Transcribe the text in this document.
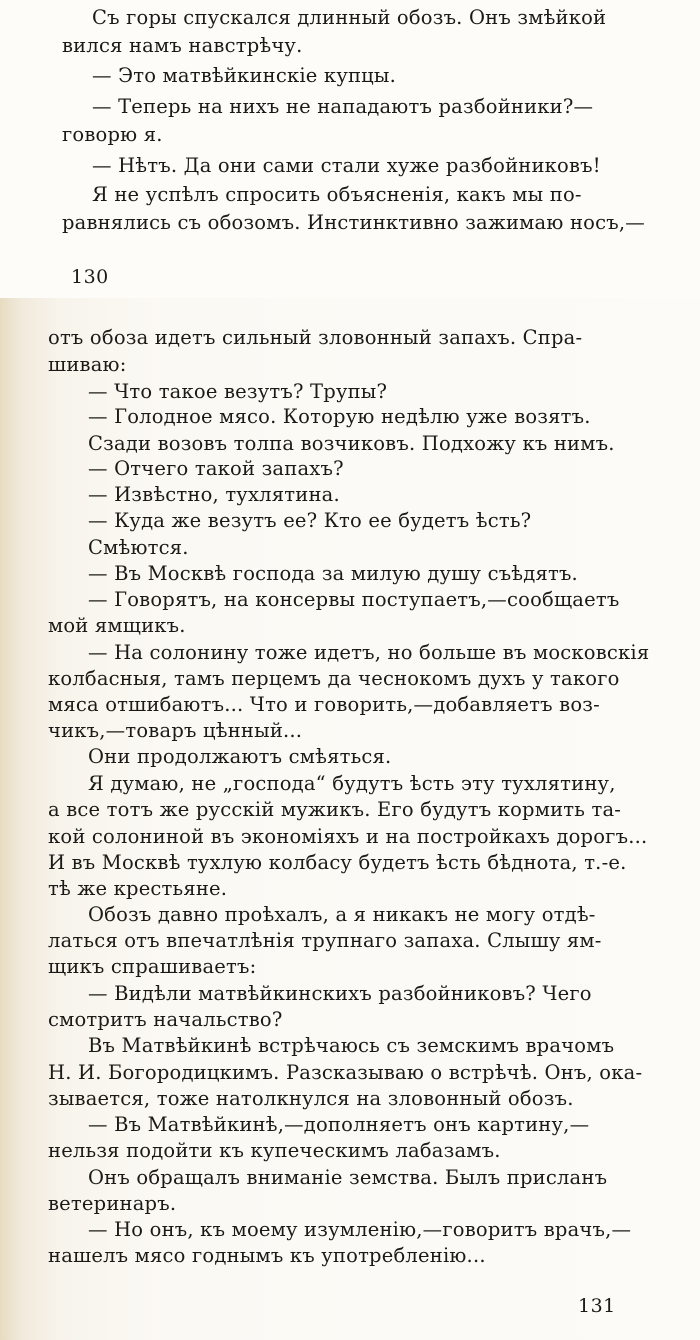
Съ горы спускался длинный обозъ. Онъ змѣйкой
вился намъ навстрѣчу.
— Это матвѣйкинскіе купцы.
— Теперь на нихъ не нападаютъ разбойники?—
говорю я.
— Нѣтъ. Да они сами стали хуже разбойниковъ!
Я не успѣлъ спросить объясненія, какъ мы по-
равнялись съ обозомъ. Инстинктивно зажимаю носъ,—
130
отъ обоза идетъ сильный зловонный запахъ. Спра-
шиваю:
— Что такое везутъ? Трупы?
— Голодное мясо. Которую недѣлю уже возятъ.
Сзади возовъ толпа возчиковъ. Подхожу къ нимъ.
— Отчего такой запахъ?
— Извѣстно, тухлятина.
— Куда же везутъ ее? Кто ее будетъ ѣсть?
Смѣются.
— Въ Москвѣ господа за милую душу съѣдятъ.
— Говорятъ, на консервы поступаетъ,—сообщаетъ
мой ямщикъ.
— На солонину тоже идетъ, но больше въ московскія
колбасныя, тамъ перцемъ да чеснокомъ духъ у такого
мяса отшибаютъ... Что и говорить,—добавляетъ воз-
чикъ,—товаръ цѣнный...
Они продолжаютъ смѣяться.
Я думаю, не „господа“ будутъ ѣсть эту тухлятину,
а все тотъ же русскій мужикъ. Его будутъ кормить та-
кой солониной въ экономіяхъ и на постройкахъ дорогъ...
И въ Москвѣ тухлую колбасу будетъ ѣсть бѣднота, т.-е.
тѣ же крестьяне.
Обозъ давно проѣхалъ, а я никакъ не могу отдѣ-
латься отъ впечатлѣнія трупнаго запаха. Слышу ям-
щикъ спрашиваетъ:
— Видѣли матвѣйкинскихъ разбойниковъ? Чего
смотритъ начальство?
Въ Матвѣйкинѣ встрѣчаюсь съ земскимъ врачомъ
Н. И. Богородицкимъ. Разсказываю о встрѣчѣ. Онъ, ока-
зывается, тоже натолкнулся на зловонный обозъ.
— Въ Матвѣйкинѣ,—дополняетъ онъ картину,—
нельзя подойти къ купеческимъ лабазамъ.
Онъ обращалъ вниманіе земства. Былъ присланъ
ветеринаръ.
— Но онъ, къ моему изумленію,—говоритъ врачъ,—
нашелъ мясо годнымъ къ употребленію...
131
